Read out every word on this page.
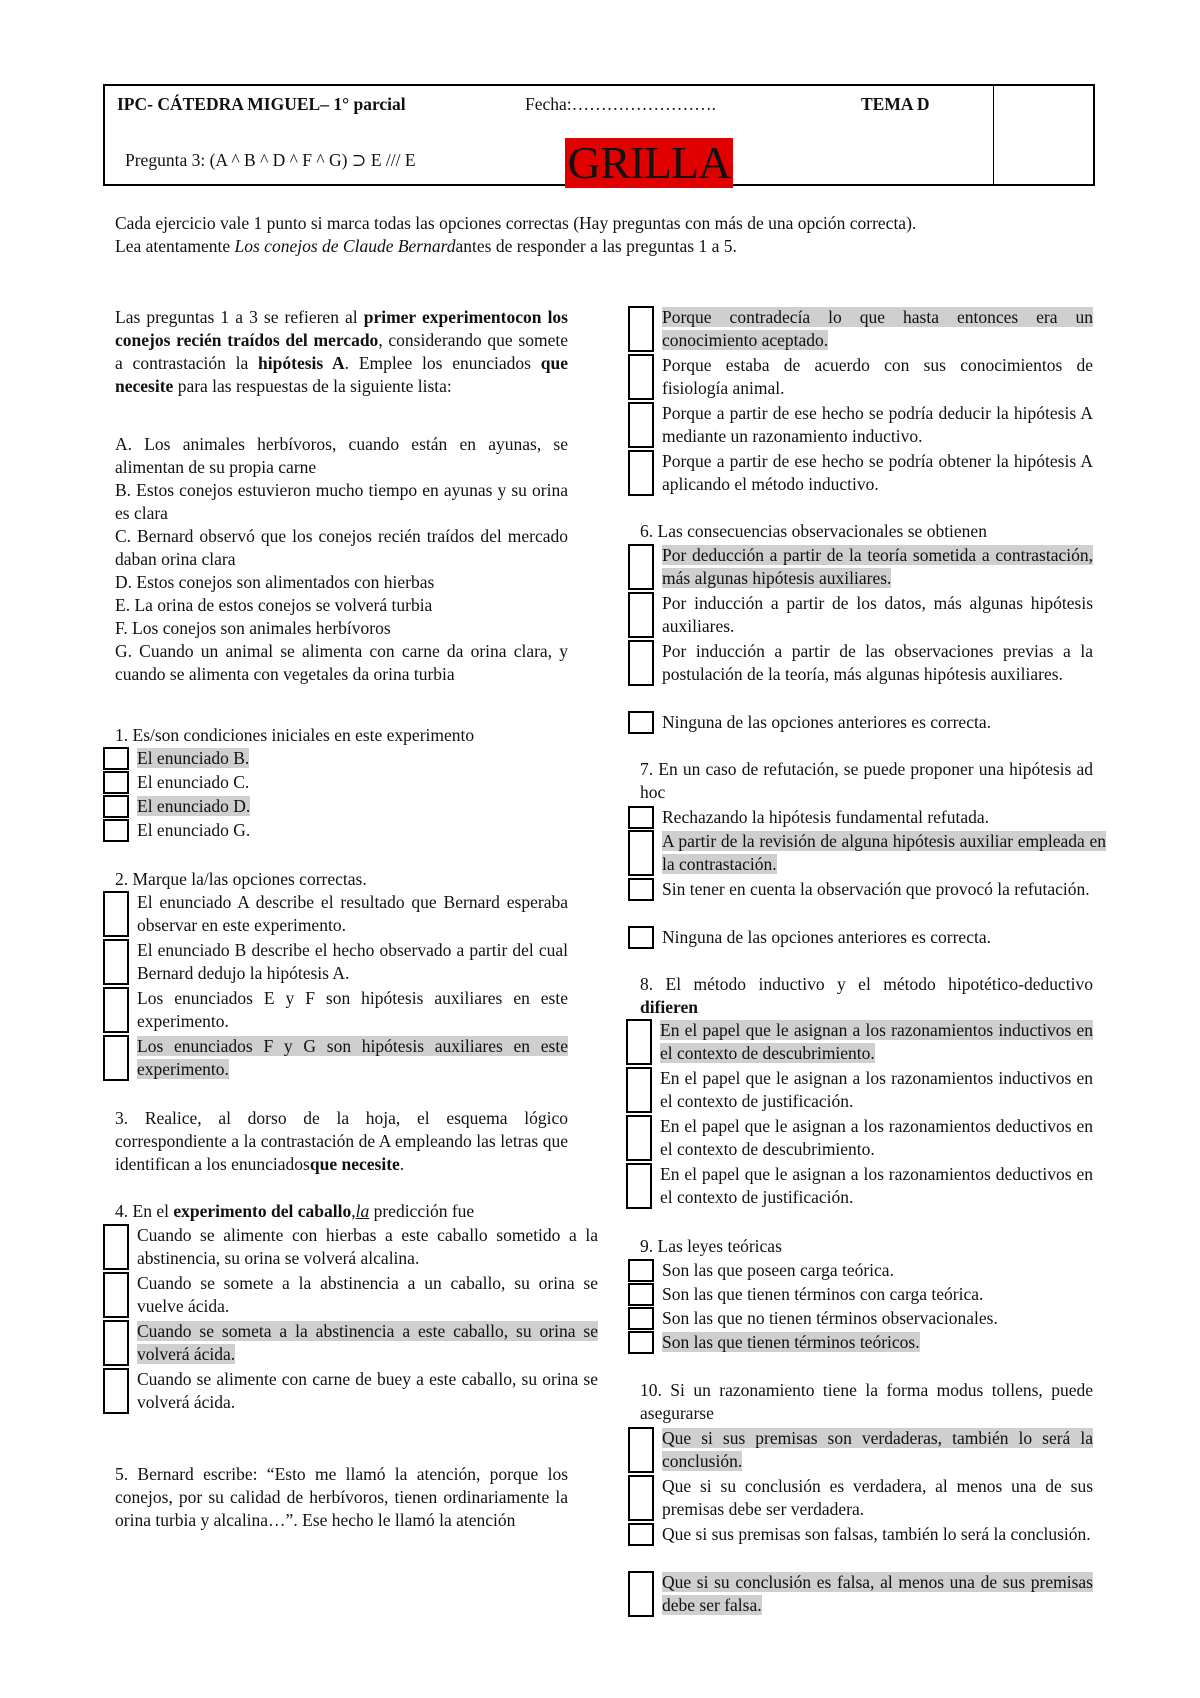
IPC- CÁTEDRA MIGUEL– 1° parcial	Fecha:…………………….	TEMA D
Pregunta 3: (A ^ B ^ D ^ F ^ G) ⊃ E /// E	GRILLA
Cada ejercicio vale 1 punto si marca todas las opciones correctas (Hay preguntas con más de una opción correcta).
Lea atentamente Los conejos de Claude Bernardantes de responder a las preguntas 1 a 5.
Las preguntas 1 a 3 se refieren al primer experimentocon los conejos recién traídos del mercado, considerando que somete a contrastación la hipótesis A. Emplee los enunciados que necesite para las respuestas de la siguiente lista:
A. Los animales herbívoros, cuando están en ayunas, se alimentan de su propia carne
B. Estos conejos estuvieron mucho tiempo en ayunas y su orina es clara
C. Bernard observó que los conejos recién traídos del mercado daban orina clara
D. Estos conejos son alimentados con hierbas
E. La orina de estos conejos se volverá turbia
F. Los conejos son animales herbívoros
G. Cuando un animal se alimenta con carne da orina clara, y cuando se alimenta con vegetales da orina turbia
1. Es/son condiciones iniciales en este experimento
El enunciado B.
El enunciado C.
El enunciado D.
El enunciado G.
2. Marque la/las opciones correctas.
El enunciado A describe el resultado que Bernard esperaba observar en este experimento.
El enunciado B describe el hecho observado a partir del cual Bernard dedujo la hipótesis A.
Los enunciados E y F son hipótesis auxiliares en este experimento.
Los enunciados F y G son hipótesis auxiliares en este experimento.
3. Realice, al dorso de la hoja, el esquema lógico correspondiente a la contrastación de A empleando las letras que identifican a los enunciadosque necesite.
4. En el experimento del caballo,la predicción fue
Cuando se alimente con hierbas a este caballo sometido a la abstinencia, su orina se volverá alcalina.
Cuando se somete a la abstinencia a un caballo, su orina se vuelve ácida.
Cuando se someta a la abstinencia a este caballo, su orina se volverá ácida.
Cuando se alimente con carne de buey a este caballo, su orina se volverá ácida.
5. Bernard escribe: “Esto me llamó la atención, porque los conejos, por su calidad de herbívoros, tienen ordinariamente la orina turbia y alcalina…”. Ese hecho le llamó la atención
Porque contradecía lo que hasta entonces era un conocimiento aceptado.
Porque estaba de acuerdo con sus conocimientos de fisiología animal.
Porque a partir de ese hecho se podría deducir la hipótesis A mediante un razonamiento inductivo.
Porque a partir de ese hecho se podría obtener la hipótesis A aplicando el método inductivo.
6. Las consecuencias observacionales se obtienen
Por deducción a partir de la teoría sometida a contrastación, más algunas hipótesis auxiliares.
Por inducción a partir de los datos, más algunas hipótesis auxiliares.
Por inducción a partir de las observaciones previas a la postulación de la teoría, más algunas hipótesis auxiliares.
Ninguna de las opciones anteriores es correcta.
7. En un caso de refutación, se puede proponer una hipótesis ad hoc
Rechazando la hipótesis fundamental refutada.
A partir de la revisión de alguna hipótesis auxiliar empleada en la contrastación.
Sin tener en cuenta la observación que provocó la refutación.
Ninguna de las opciones anteriores es correcta.
8. El método inductivo y el método hipotético-deductivo difieren
En el papel que le asignan a los razonamientos inductivos en el contexto de descubrimiento.
En el papel que le asignan a los razonamientos inductivos en el contexto de justificación.
En el papel que le asignan a los razonamientos deductivos en el contexto de descubrimiento.
En el papel que le asignan a los razonamientos deductivos en el contexto de justificación.
9. Las leyes teóricas
Son las que poseen carga teórica.
Son las que tienen términos con carga teórica.
Son las que no tienen términos observacionales.
Son las que tienen términos teóricos.
10. Si un razonamiento tiene la forma modus tollens, puede asegurarse
Que si sus premisas son verdaderas, también lo será la conclusión.
Que si su conclusión es verdadera, al menos una de sus premisas debe ser verdadera.
Que si sus premisas son falsas, también lo será la conclusión.
Que si su conclusión es falsa, al menos una de sus premisas debe ser falsa.
